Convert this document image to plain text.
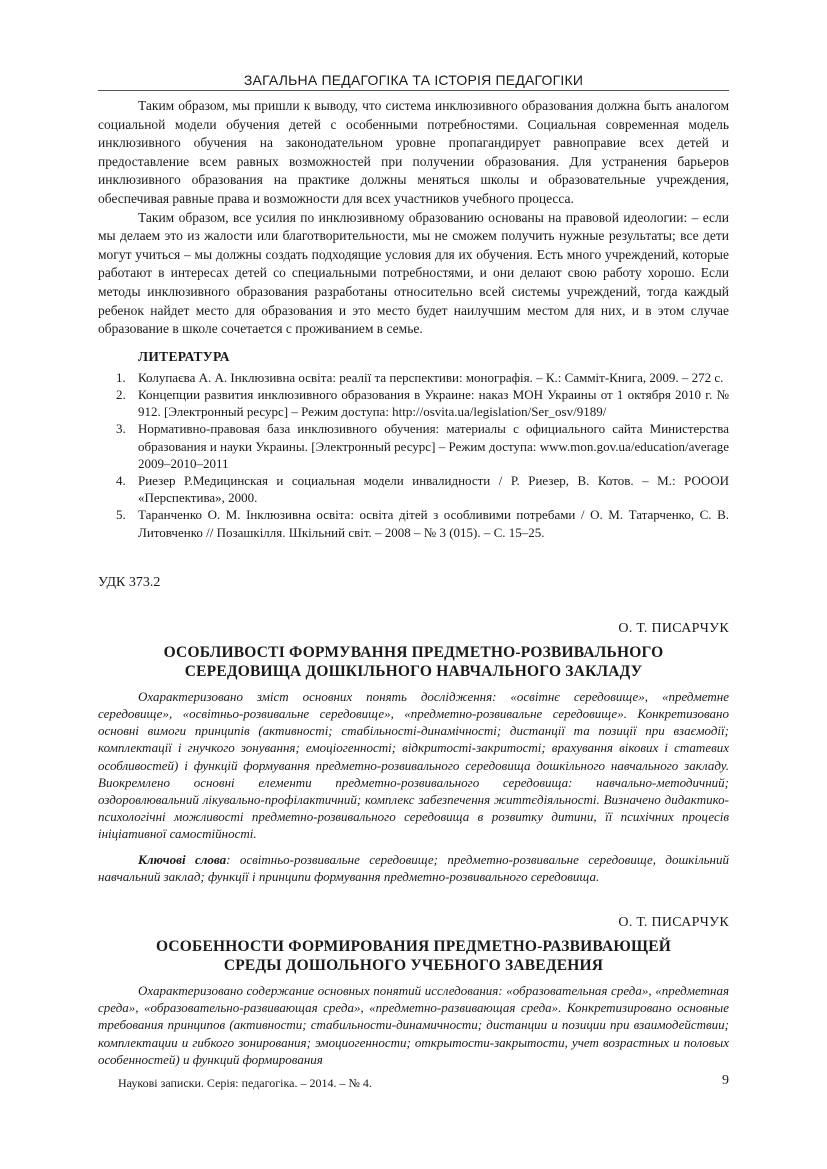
ЗАГАЛЬНА ПЕДАГОГІКА ТА ІСТОРІЯ ПЕДАГОГІКИ

Таким образом, мы пришли к выводу, что система инклюзивного образования должна быть аналогом социальной модели обучения детей с особенными потребностями. Социальная современная модель инклюзивного обучения на законодательном уровне пропагандирует равноправие всех детей и предоставление всем равных возможностей при получении образования. Для устранения барьеров инклюзивного образования на практике должны меняться школы и образовательные учреждения, обеспечивая равные права и возможности для всех участников учебного процесса.

Таким образом, все усилия по инклюзивному образованию основаны на правовой идеологии: – если мы делаем это из жалости или благотворительности, мы не сможем получить нужные результаты; все дети могут учиться – мы должны создать подходящие условия для их обучения. Есть много учреждений, которые работают в интересах детей со специальными потребностями, и они делают свою работу хорошо. Если методы инклюзивного образования разработаны относительно всей системы учреждений, тогда каждый ребенок найдет место для образования и это место будет наилучшим местом для них, и в этом случае образование в школе сочетается с проживанием в семье.

ЛИТЕРАТУРА
1. Колупаєва А. А. Інклюзивна освіта: реалії та перспективи: монографія. – К.: Самміт-Книга, 2009. – 272 с.
2. Концепции развития инклюзивного образования в Украине: наказ МОН Украины от 1 октября 2010 г. № 912. [Электронный ресурс] – Режим доступа: http://osvita.ua/legislation/Ser_osv/9189/
3. Нормативно-правовая база инклюзивного обучения: материалы с официального сайта Министерства образования и науки Украины. [Электронный ресурс] – Режим доступа: www.mon.gov.ua/education/average 2009–2010–2011
4. Риезер Р.Медицинская и социальная модели инвалидности / Р. Риезер, В. Котов. – М.: РОООИ «Перспектива», 2000.
5. Таранченко О. М. Інклюзивна освіта: освіта дітей з особливими потребами / О. М. Татарченко, С. В. Литовченко // Позашкілля. Шкільний світ. – 2008 – № 3 (015). – С. 15–25.
УДК 373.2
О. Т. ПИСАРЧУК
ОСОБЛИВОСТІ ФОРМУВАННЯ ПРЕДМЕТНО-РОЗВИВАЛЬНОГО
СЕРЕДОВИЩА ДОШКІЛЬНОГО НАВЧАЛЬНОГО ЗАКЛАДУ

Охарактеризовано зміст основних понять дослідження: «освітнє середовище», «предметне середовище», «освітньо-розвивальне середовище», «предметно-розвивальне середовище». Конкретизовано основні вимоги принципів (активності; стабільності-динамічності; дистанції та позиції при взаємодії; комплектації і гнучкого зонування; емоціогенності; відкритості-закритості; врахування вікових і статевих особливостей) і функцій формування предметно-розвивального середовища дошкільного навчального закладу. Виокремлено основні елементи предметно-розвивального середовища: навчально-методичний; оздоровлювальний лікувально-профілактичний; комплекс забезпечення життєдіяльності. Визначено дидактико-психологічні можливості предметно-розвивального середовища в розвитку дитини, її психічних процесів ініціативної самостійності.

Ключові слова: освітньо-розвивальне середовище; предметно-розвивальне середовище, дошкільний навчальний заклад; функції і принципи формування предметно-розвивального середовища.

О. Т. ПИСАРЧУК
ОСОБЕННОСТИ ФОРМИРОВАНИЯ ПРЕДМЕТНО-РАЗВИВАЮЩЕЙ
СРЕДЫ ДОШОЛЬНОГО УЧЕБНОГО ЗАВЕДЕНИЯ

Охарактеризовано содержание основных понятий исследования: «образовательная среда», «предметная среда», «образовательно-развивающая среда», «предметно-развивающая среда». Конкретизировано основные требования принципов (активности; стабильности-динамичности; дистанции и позиции при взаимодействии; комплектации и гибкого зонирования; эмоциогенности; открытости-закрытости, учет возрастных и половых особенностей) и функций формирования

Наукові записки. Серія: педагогіка. – 2014. – № 4.	9
